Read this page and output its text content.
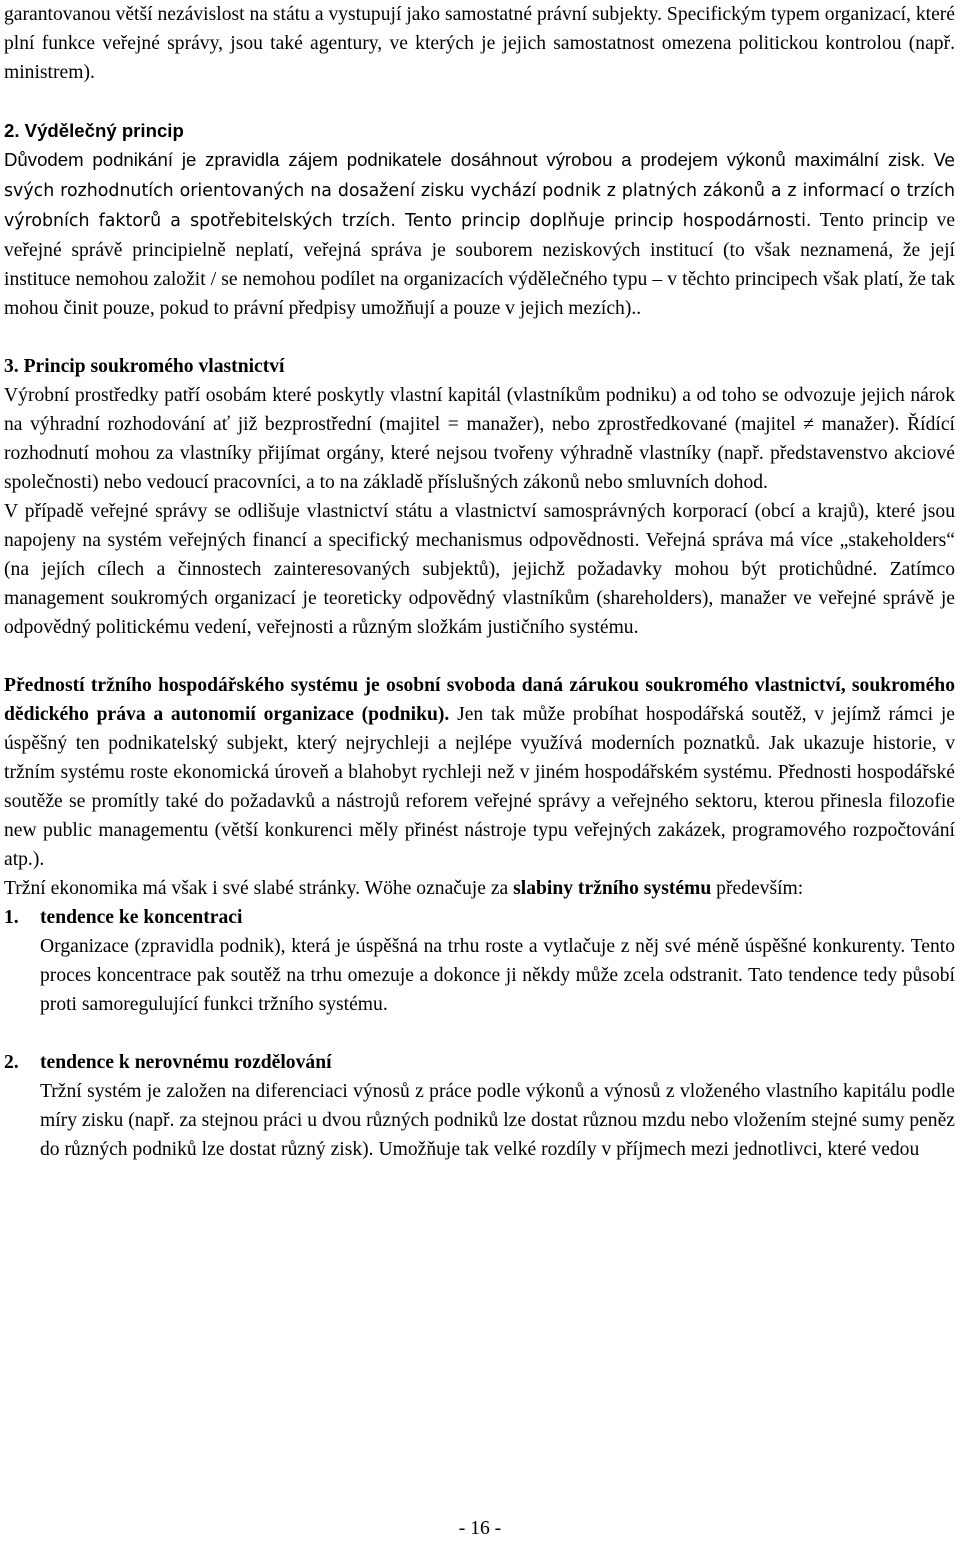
garantovanou větší nezávislost na státu a vystupují jako samostatné právní subjekty. Specifickým typem organizací, které plní funkce veřejné správy, jsou také agentury, ve kterých je jejich samostatnost omezena politickou kontrolou (např. ministrem).

2. Výdělečný princip

Důvodem podnikání je zpravidla zájem podnikatele dosáhnout výrobou a prodejem výkonů maximální zisk. Ve svých rozhodnutích orientovaných na dosažení zisku vychází podnik z platných zákonů a z informací o trzích výrobních faktorů a spotřebitelských trzích. Tento princip doplňuje princip hospodárnosti. Tento princip ve veřejné správě principielně neplatí, veřejná správa je souborem neziskových institucí (to však neznamená, že její instituce nemohou založit / se nemohou podílet na organizacích výdělečného typu – v těchto principech však platí, že tak mohou činit pouze, pokud to právní předpisy umožňují a pouze v jejich mezích)..

3. Princip soukromého vlastnictví

Výrobní prostředky patří osobám které poskytly vlastní kapitál (vlastníkům podniku) a od toho se odvozuje jejich nárok na výhradní rozhodování ať již bezprostřední (majitel = manažer), nebo zprostředkované (majitel ≠ manažer). Řídící rozhodnutí mohou za vlastníky přijímat orgány, které nejsou tvořeny výhradně vlastníky (např. představenstvo akciové společnosti) nebo vedoucí pracovníci, a to na základě příslušných zákonů nebo smluvních dohod.

V případě veřejné správy se odlišuje vlastnictví státu a vlastnictví samosprávných korporací (obcí a krajů), které jsou napojeny na systém veřejných financí a specifický mechanismus odpovědnosti. Veřejná správa má více „stakeholders“ (na jejích cílech a činnostech zainteresovaných subjektů), jejichž požadavky mohou být protichůdné. Zatímco management soukromých organizací je teoreticky odpovědný vlastníkům (shareholders), manažer ve veřejné správě je odpovědný politickému vedení, veřejnosti a různým složkám justičního systému.

Předností tržního hospodářského systému je osobní svoboda daná zárukou soukromého vlastnictví, soukromého dědického práva a autonomií organizace (podniku). Jen tak může probíhat hospodářská soutěž, v jejímž rámci je úspěšný ten podnikatelský subjekt, který nejrychleji a nejlépe využívá moderních poznatků. Jak ukazuje historie, v tržním systému roste ekonomická úroveň a blahobyt rychleji než v jiném hospodářském systému. Přednosti hospodářské soutěže se promítly také do požadavků a nástrojů reforem veřejné správy a veřejného sektoru, kterou přinesla filozofie new public managementu (větší konkurenci měly přinést nástroje typu veřejných zakázek, programového rozpočtování atp.).

Tržní ekonomika má však i své slabé stránky. Wöhe označuje za slabiny tržního systému především:

1.	tendence ke koncentraci

Organizace (zpravidla podnik), která je úspěšná na trhu roste a vytlačuje z něj své méně úspěšné konkurenty. Tento proces koncentrace pak soutěž na trhu omezuje a dokonce ji někdy může zcela odstranit. Tato tendence tedy působí proti samoregulující funkci tržního systému.

2.	tendence k nerovnému rozdělování

Tržní systém je založen na diferenciaci výnosů z práce podle výkonů a výnosů z vloženého vlastního kapitálu podle míry zisku (např. za stejnou práci u dvou různých podniků lze dostat různou mzdu nebo vložením stejné sumy peněz do různých podniků lze dostat různý zisk). Umožňuje tak velké rozdíly v příjmech mezi jednotlivci, které vedou

- 16 -
